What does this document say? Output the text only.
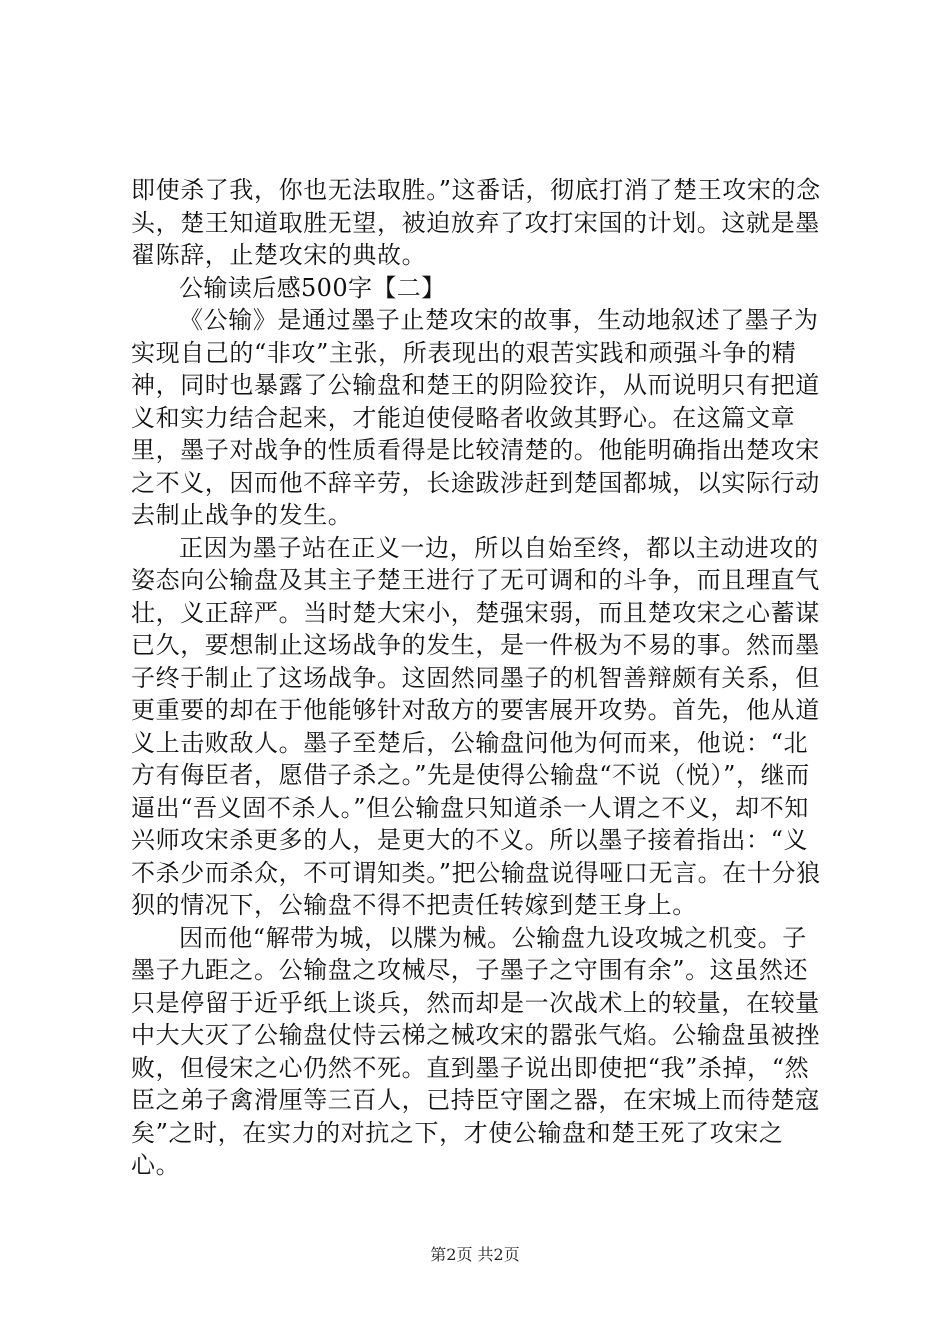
即使杀了我，你也无法取胜。”这番话，彻底打消了楚王攻宋的念头，楚王知道取胜无望，被迫放弃了攻打宋国的计划。这就是墨翟陈辞，止楚攻宋的典故。

公输读后感500字【二】

《公输》是通过墨子止楚攻宋的故事，生动地叙述了墨子为实现自己的“非攻”主张，所表现出的艰苦实践和顽强斗争的精神，同时也暴露了公输盘和楚王的阴险狡诈，从而说明只有把道义和实力结合起来，才能迫使侵略者收敛其野心。在这篇文章里，墨子对战争的性质看得是比较清楚的。他能明确指出楚攻宋之不义，因而他不辞辛劳，长途跋涉赶到楚国都城，以实际行动去制止战争的发生。

正因为墨子站在正义一边，所以自始至终，都以主动进攻的姿态向公输盘及其主子楚王进行了无可调和的斗争，而且理直气壮，义正辞严。当时楚大宋小，楚强宋弱，而且楚攻宋之心蓄谋已久，要想制止这场战争的发生，是一件极为不易的事。然而墨子终于制止了这场战争。这固然同墨子的机智善辩颇有关系，但更重要的却在于他能够针对敌方的要害展开攻势。首先，他从道义上击败敌人。墨子至楚后，公输盘问他为何而来，他说：“北方有侮臣者，愿借子杀之。”先是使得公输盘“不说（悦）”，继而逼出“吾义固不杀人。”但公输盘只知道杀一人谓之不义，却不知兴师攻宋杀更多的人，是更大的不义。所以墨子接着指出：“义不杀少而杀众，不可谓知类。”把公输盘说得哑口无言。在十分狼狈的情况下，公输盘不得不把责任转嫁到楚王身上。

因而他“解带为城，以牒为械。公输盘九设攻城之机变。子墨子九距之。公输盘之攻械尽，子墨子之守围有余”。这虽然还只是停留于近乎纸上谈兵，然而却是一次战术上的较量，在较量中大大灭了公输盘仗恃云梯之械攻宋的嚣张气焰。公输盘虽被挫败，但侵宋之心仍然不死。直到墨子说出即使把“我”杀掉，“然臣之弟子禽滑厘等三百人，已持臣守圉之器，在宋城上而待楚寇矣”之时，在实力的对抗之下，才使公输盘和楚王死了攻宋之心。

第2页 共2页
